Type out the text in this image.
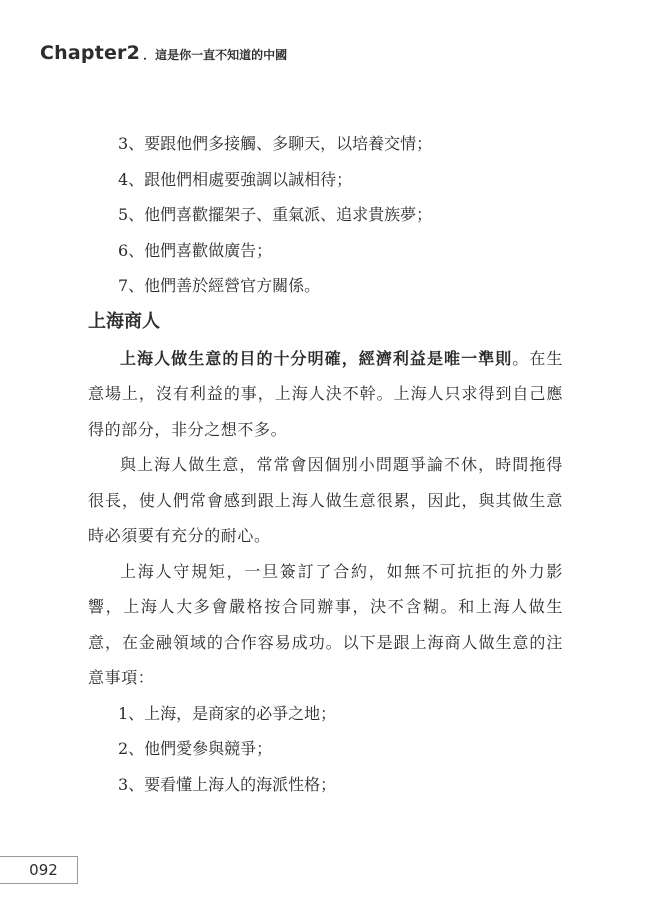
Chapter2 ．這是你一直不知道的中國
3、要跟他們多接觸、多聊天，以培養交情；
4、跟他們相處要強調以誠相待；
5、他們喜歡擺架子、重氣派、追求貴族夢；
6、他們喜歡做廣告；
7、他們善於經營官方關係。
上海商人

上海人做生意的目的十分明確，經濟利益是唯一準則。在生意場上，沒有利益的事，上海人決不幹。上海人只求得到自己應得的部分，非分之想不多。

與上海人做生意，常常會因個別小問題爭論不休，時間拖得很長，使人們常會感到跟上海人做生意很累，因此，與其做生意時必須要有充分的耐心。

上海人守規矩，一旦簽訂了合約，如無不可抗拒的外力影響，上海人大多會嚴格按合同辦事，決不含糊。和上海人做生意，在金融領域的合作容易成功。以下是跟上海商人做生意的注意事項：

1、上海，是商家的必爭之地；
2、他們愛參與競爭；
3、要看懂上海人的海派性格；
092
